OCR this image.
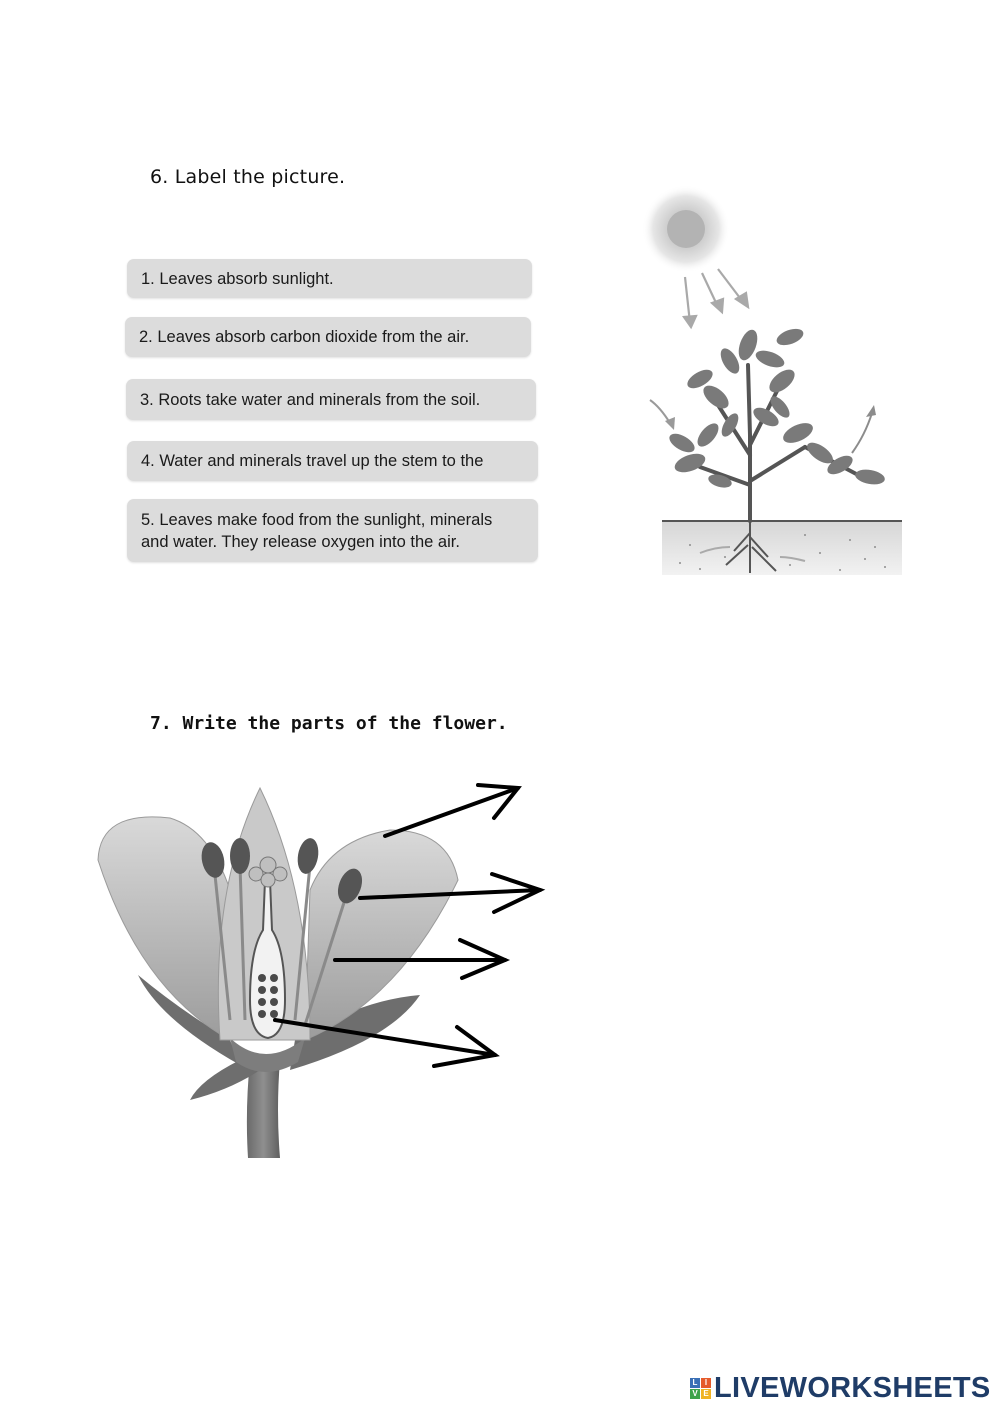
6. Label the picture.
1. Leaves absorb sunlight.
2. Leaves absorb carbon dioxide from the air.
3. Roots take water and minerals from the soil.
4. Water and minerals travel up the stem to the
5. Leaves make food from the sunlight, minerals and water. They release oxygen into the air.
7. Write the parts of the flower.
L I
V E LIVEWORKSHEETS
